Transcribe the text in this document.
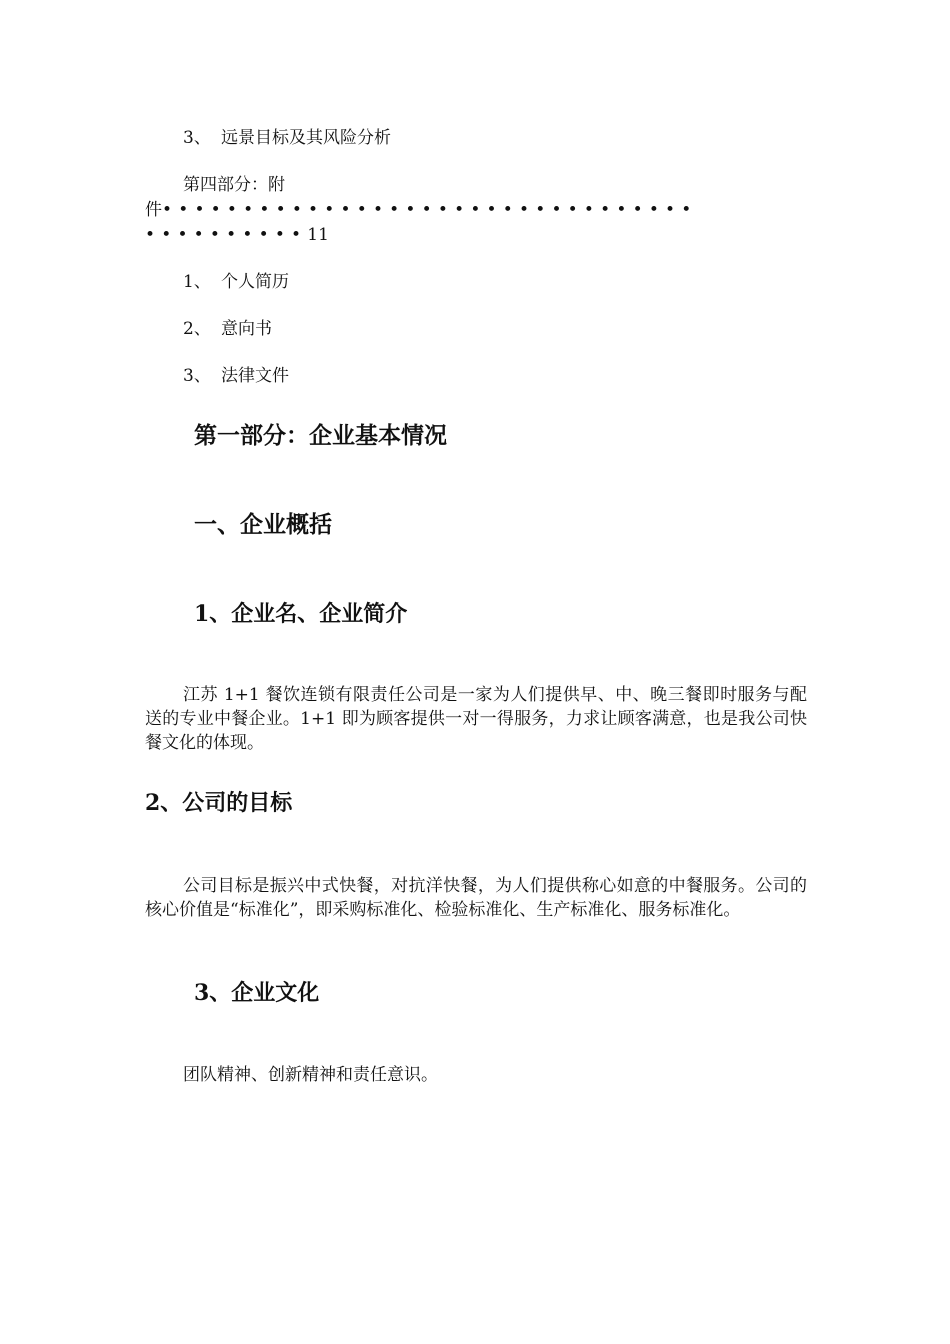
3、 远景目标及其风险分析
第四部分：附
件•••••••••••••••••••••••••••••••••
••••••••••11
1、 个人简历
2、 意向书
3、 法律文件
第一部分：企业基本情况
一、企业概括
1、企业名、企业简介
江苏 1+1 餐饮连锁有限责任公司是一家为人们提供早、中、晚三餐即时服务与配送的专业中餐企业。1+1 即为顾客提供一对一得服务，力求让顾客满意，也是我公司快餐文化的体现。
2、公司的目标
公司目标是振兴中式快餐，对抗洋快餐，为人们提供称心如意的中餐服务。公司的核心价值是“标准化”，即采购标准化、检验标准化、生产标准化、服务标准化。
3、企业文化
团队精神、创新精神和责任意识。
